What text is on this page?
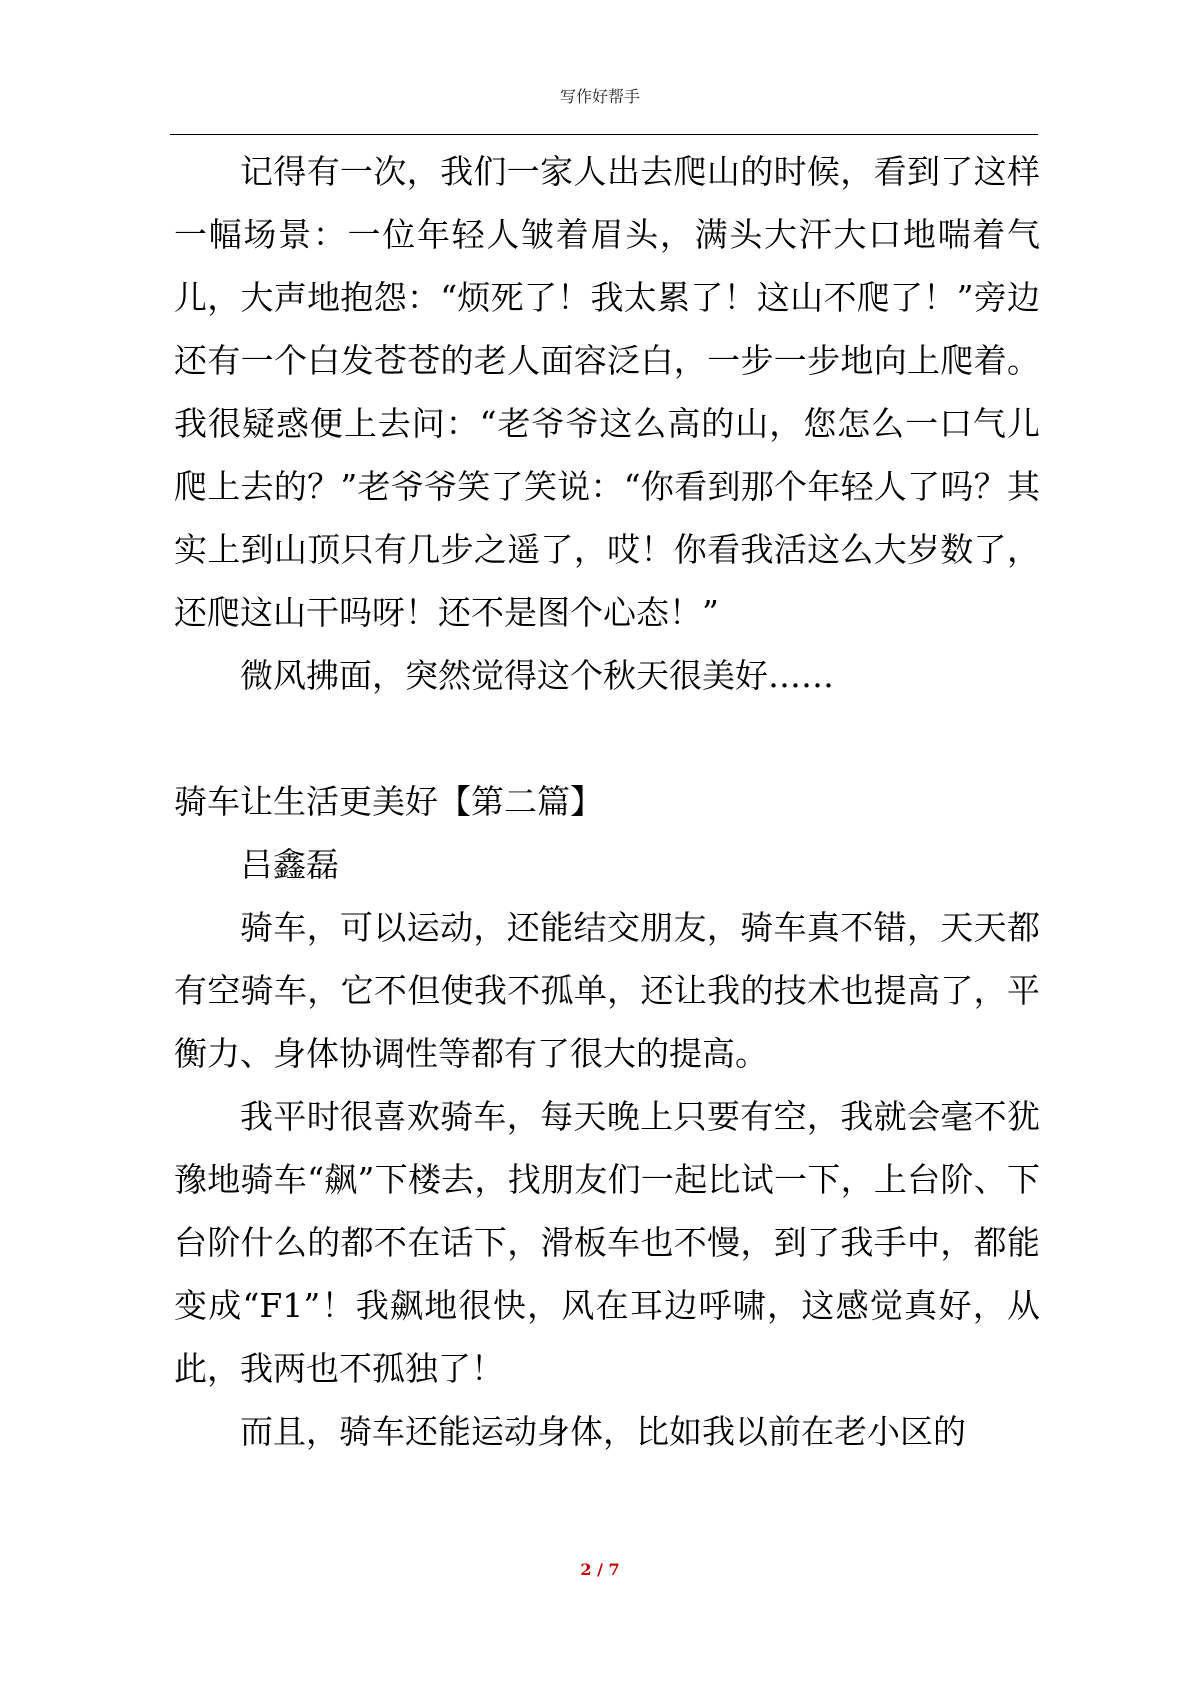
写作好帮手

记得有一次，我们一家人出去爬山的时候，看到了这样一幅场景：一位年轻人皱着眉头，满头大汗大口地喘着气儿，大声地抱怨：“烦死了！我太累了！这山不爬了！”旁边还有一个白发苍苍的老人面容泛白，一步一步地向上爬着。我很疑惑便上去问：“老爷爷这么高的山，您怎么一口气儿爬上去的？”老爷爷笑了笑说：“你看到那个年轻人了吗？其实上到山顶只有几步之遥了，哎！你看我活这么大岁数了，还爬这山干吗呀！还不是图个心态！”

微风拂面，突然觉得这个秋天很美好……

骑车让生活更美好【第二篇】

吕鑫磊

骑车，可以运动，还能结交朋友，骑车真不错，天天都有空骑车，它不但使我不孤单，还让我的技术也提高了，平衡力、身体协调性等都有了很大的提高。

我平时很喜欢骑车，每天晚上只要有空，我就会毫不犹豫地骑车“飙”下楼去，找朋友们一起比试一下，上台阶、下台阶什么的都不在话下，滑板车也不慢，到了我手中，都能变成“F1”！我飙地很快，风在耳边呼啸，这感觉真好，从此，我两也不孤独了！

而且，骑车还能运动身体，比如我以前在老小区的

2 / 7
